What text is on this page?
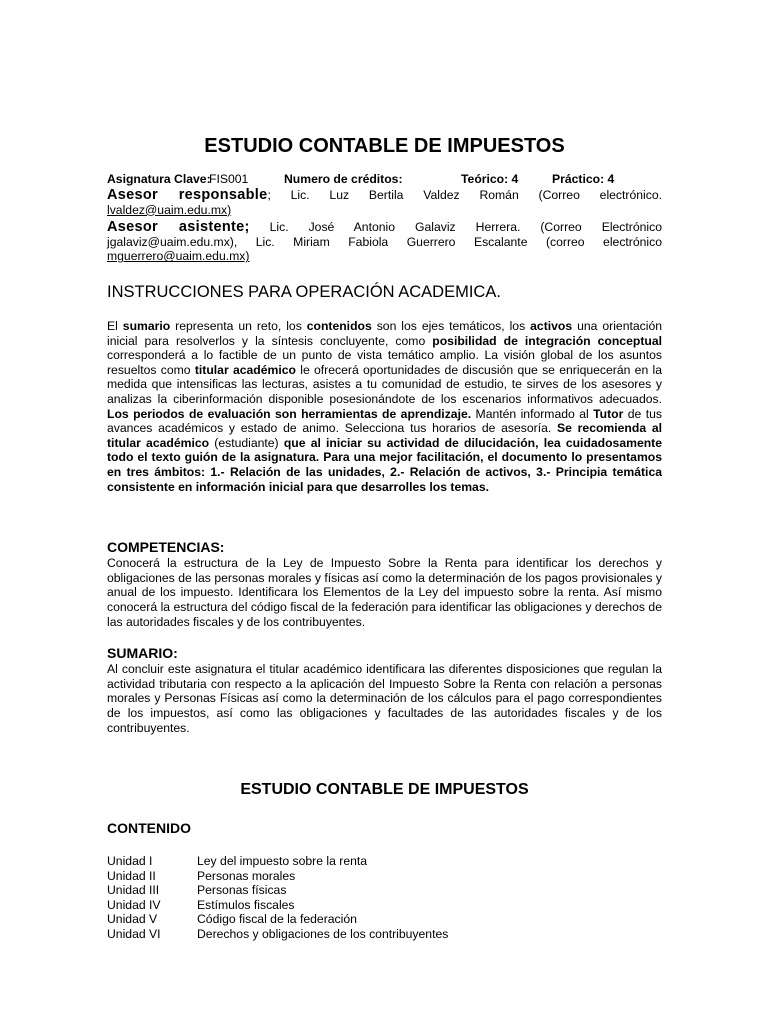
ESTUDIO CONTABLE DE IMPUESTOS
Asignatura Clave:
FIS001	Numero de créditos:	Teórico: 4	Práctico: 4
Asesor responsable; Lic. Luz Bertila Valdez Román (Correo electrónico.
lvaldez@uaim.edu.mx)
Asesor asistente; Lic. José Antonio Galaviz Herrera. (Correo Electrónico
jgalaviz@uaim.edu.mx), Lic. Miriam Fabiola Guerrero Escalante (correo electrónico
mguerrero@uaim.edu.mx)
INSTRUCCIONES PARA OPERACIÓN ACADEMICA.
El sumario representa un reto, los contenidos son los ejes temáticos, los activos una orientación inicial para resolverlos y la síntesis concluyente, como posibilidad de integración conceptual corresponderá a lo factible de un punto de vista temático amplio. La visión global de los asuntos resueltos como titular académico le ofrecerá oportunidades de discusión que se enriquecerán en la medida que intensificas las lecturas, asistes a tu comunidad de estudio, te sirves de los asesores y analizas la ciberinformación disponible posesionándote de los escenarios informativos adecuados. Los periodos de evaluación son herramientas de aprendizaje. Mantén informado al Tutor de tus avances académicos y estado de animo. Selecciona tus horarios de asesoría. Se recomienda al titular académico (estudiante) que al iniciar su actividad de dilucidación, lea cuidadosamente todo el texto guión de la asignatura. Para una mejor facilitación, el documento lo presentamos en tres ámbitos: 1.- Relación de las unidades, 2.- Relación de activos, 3.- Principia temática consistente en información inicial para que desarrolles los temas.
COMPETENCIAS:
Conocerá la estructura de la Ley de Impuesto Sobre la Renta para identificar los derechos y obligaciones de las personas morales y físicas así como la determinación de los pagos provisionales y anual de los impuesto. Identificara los Elementos de la Ley del impuesto sobre la renta. Así mismo conocerá la estructura del código fiscal de la federación para identificar las obligaciones y derechos de las autoridades fiscales y de los contribuyentes.
SUMARIO:
Al concluir este asignatura el titular académico identificara las diferentes disposiciones que regulan la actividad tributaria con respecto a la aplicación del Impuesto Sobre la Renta con relación a personas morales y Personas Físicas así como la determinación de los cálculos para el pago correspondientes de los impuestos, así como las obligaciones y facultades de las autoridades fiscales y de los contribuyentes.
ESTUDIO CONTABLE DE IMPUESTOS
CONTENIDO
Unidad I	Ley del impuesto sobre la renta
Unidad II	Personas morales
Unidad III	Personas físicas
Unidad IV	Estímulos fiscales
Unidad V	Código fiscal de la federación
Unidad VI	Derechos y obligaciones de los contribuyentes
